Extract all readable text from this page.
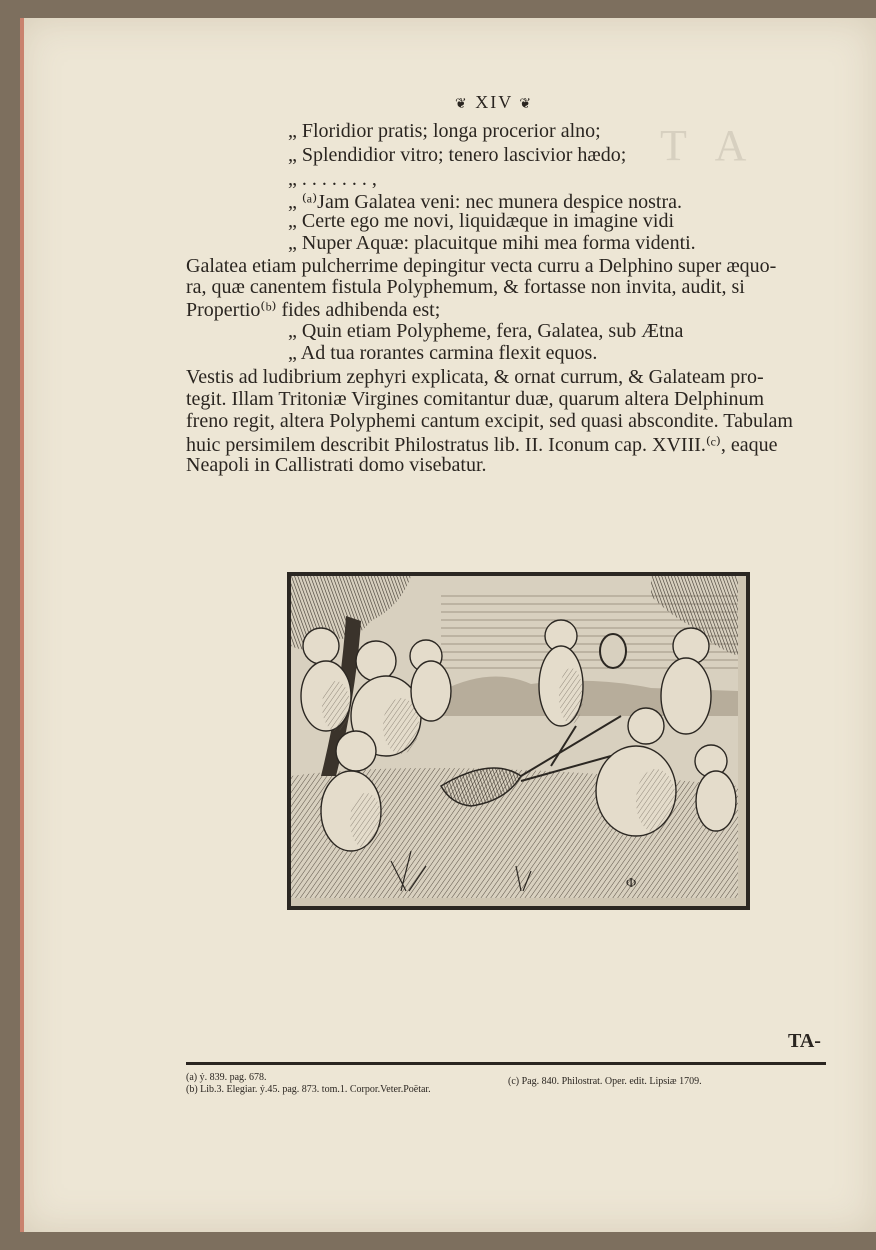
T A
❦ XIV ❦
„ Floridior pratis; longa procerior alno;
„ Splendidior vitro; tenero lascivior hædo;
„ . . . . . . . ,
„ ⁽ᵃ⁾Jam Galatea veni: nec munera despice nostra.
„ Certe ego me novi, liquidæque in imagine vidi
„ Nuper Aquæ: placuitque mihi mea forma videnti.
Galatea etiam pulcherrime depingitur vecta curru a Delphino super æquo-
ra, quæ canentem fistula Polyphemum, & fortasse non invita, audit, si
Propertio⁽ᵇ⁾ fides adhibenda est;
„ Quin etiam Polypheme, fera, Galatea, sub Ætna
„ Ad tua rorantes carmina flexit equos.
Vestis ad ludibrium zephyri explicata, & ornat currum, & Galateam pro-
tegit. Illam Tritoniæ Virgines comitantur duæ, quarum altera Delphinum
freno regit, altera Polyphemi cantum excipit, sed quasi abscondite. Tabulam
huic persimilem describit Philostratus lib. II. Iconum cap. XVIII.⁽ᶜ⁾, eaque
Neapoli in Callistrati domo visebatur.
Φ
TA-
(a) ỷ. 839. pag. 678.
(b) Lib.3. Elegiar. ỷ.45. pag. 873. tom.1. Corpor.Veter.Poëtar.
(c) Pag. 840. Philostrat. Oper. edit. Lipsiæ 1709.
